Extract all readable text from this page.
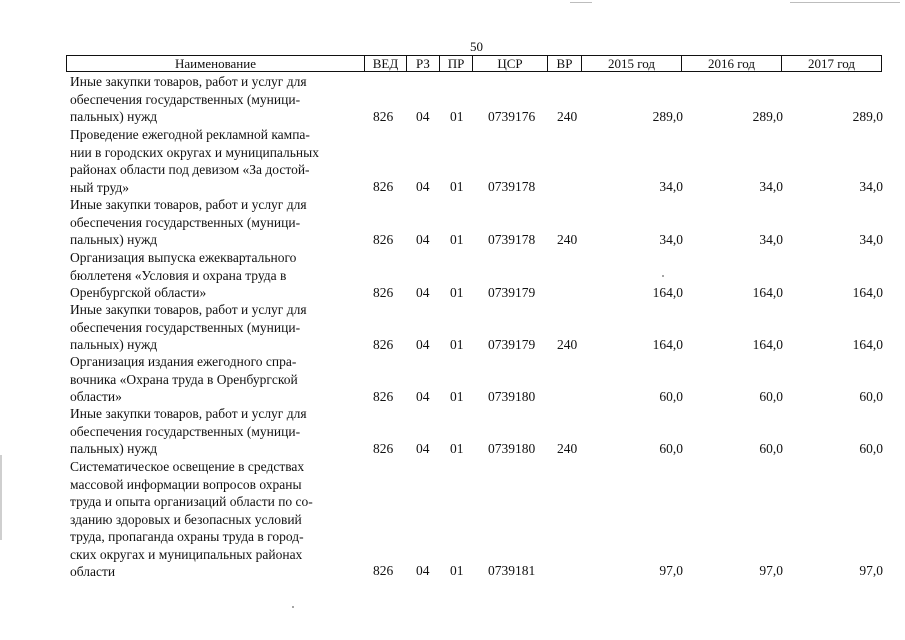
50
Наименование	ВЕД	РЗ	ПР	ЦСР	ВР	2015 год	2016 год	2017 год
Иные закупки товаров, работ и услуг для
обеспечения государственных (муници-
пальных) нужд	826 04 01 0739176 240	289,0	289,0	289,0
Проведение ежегодной рекламной кампа-
нии в городских округах и муниципальных
районах области под девизом «За достой-
ный труд»	826 04 01 0739178	34,0	34,0	34,0
Иные закупки товаров, работ и услуг для
обеспечения государственных (муници-
пальных) нужд	826 04 01 0739178 240	34,0	34,0	34,0
Организация выпуска ежеквартального
бюллетеня «Условия и охрана труда в
Оренбургской области»	826 04 01 0739179	164,0	164,0	164,0
Иные закупки товаров, работ и услуг для
обеспечения государственных (муници-
пальных) нужд	826 04 01 0739179 240	164,0	164,0	164,0
Организация издания ежегодного спра-
вочника «Охрана труда в Оренбургской
области»	826 04 01 0739180	60,0	60,0	60,0
Иные закупки товаров, работ и услуг для
обеспечения государственных (муници-
пальных) нужд	826 04 01 0739180 240	60,0	60,0	60,0
Систематическое освещение в средствах
массовой информации вопросов охраны
труда и опыта организаций области по со-
зданию здоровых и безопасных условий
труда, пропаганда охраны труда в город-
ских округах и муниципальных районах
области	826 04 01 0739181	97,0	97,0	97,0
